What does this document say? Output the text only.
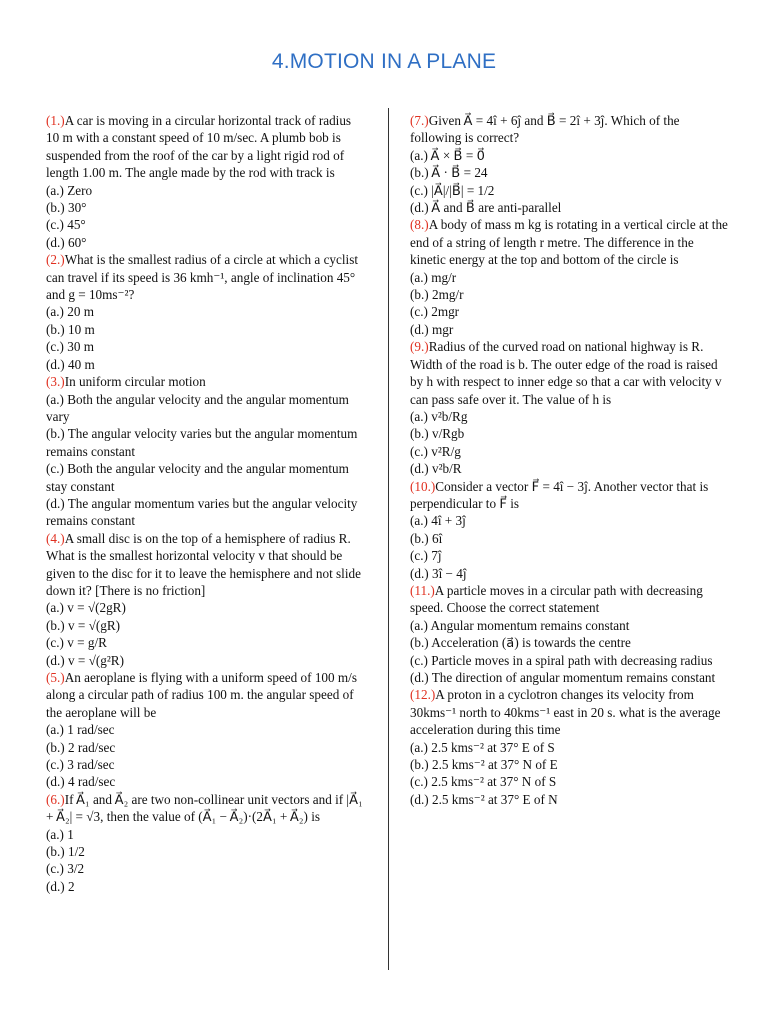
4.MOTION IN A PLANE

(1.)A car is moving in a circular horizontal track of radius 10 m with a constant speed of 10 m/sec. A plumb bob is suspended from the roof of the car by a light rigid rod of length 1.00 m. The angle made by the rod with track is

(a.) Zero

(b.) 30°

(c.) 45°

(d.) 60°

(2.)What is the smallest radius of a circle at which a cyclist can travel if its speed is 36 kmh⁻¹, angle of inclination 45° and g = 10ms⁻²?

(a.) 20 m

(b.) 10 m

(c.) 30 m

(d.) 40 m

(3.)In uniform circular motion

(a.) Both the angular velocity and the angular momentum vary

(b.) The angular velocity varies but the angular momentum remains constant

(c.) Both the angular velocity and the angular momentum stay constant

(d.) The angular momentum varies but the angular velocity remains constant

(4.)A small disc is on the top of a hemisphere of radius R. What is the smallest horizontal velocity v that should be given to the disc for it to leave the hemisphere and not slide down it? [There is no friction]

(a.) v = √(2gR)

(b.) v = √(gR)

(c.) v = g/R

(d.) v = √(g²R)

(5.)An aeroplane is flying with a uniform speed of 100 m/s along a circular path of radius 100 m. the angular speed of the aeroplane will be

(a.) 1 rad/sec

(b.) 2 rad/sec

(c.) 3 rad/sec

(d.) 4 rad/sec

(6.)If A⃗₁ and A⃗₂ are two non-collinear unit vectors and if |A⃗₁ + A⃗₂| = √3, then the value of (A⃗₁ − A⃗₂)·(2A⃗₁ + A⃗₂) is

(a.) 1

(b.) 1/2

(c.) 3/2

(d.) 2

(7.)Given A⃗ = 4î + 6ĵ and B⃗ = 2î + 3ĵ. Which of the following is correct?

(a.) A⃗ × B⃗ = 0⃗

(b.) A⃗ · B⃗ = 24

(c.) |A⃗|/|B⃗| = 1/2

(d.) A⃗ and B⃗ are anti-parallel

(8.)A body of mass m kg is rotating in a vertical circle at the end of a string of length r metre. The difference in the kinetic energy at the top and bottom of the circle is

(a.) mg/r

(b.) 2mg/r

(c.) 2mgr

(d.) mgr

(9.)Radius of the curved road on national highway is R. Width of the road is b. The outer edge of the road is raised by h with respect to inner edge so that a car with velocity v can pass safe over it. The value of h is

(a.) v²b/Rg

(b.) v/Rgb

(c.) v²R/g

(d.) v²b/R

(10.)Consider a vector F⃗ = 4î − 3ĵ. Another vector that is perpendicular to F⃗ is

(a.) 4î + 3ĵ

(b.) 6î

(c.) 7ĵ

(d.) 3î − 4ĵ

(11.)A particle moves in a circular path with decreasing speed. Choose the correct statement

(a.) Angular momentum remains constant

(b.) Acceleration (a⃗) is towards the centre

(c.) Particle moves in a spiral path with decreasing radius

(d.) The direction of angular momentum remains constant

(12.)A proton in a cyclotron changes its velocity from 30kms⁻¹ north to 40kms⁻¹ east in 20 s. what is the average acceleration during this time

(a.) 2.5 kms⁻² at 37° E of S

(b.) 2.5 kms⁻² at 37° N of E

(c.) 2.5 kms⁻² at 37° N of S

(d.) 2.5 kms⁻² at 37° E of N
